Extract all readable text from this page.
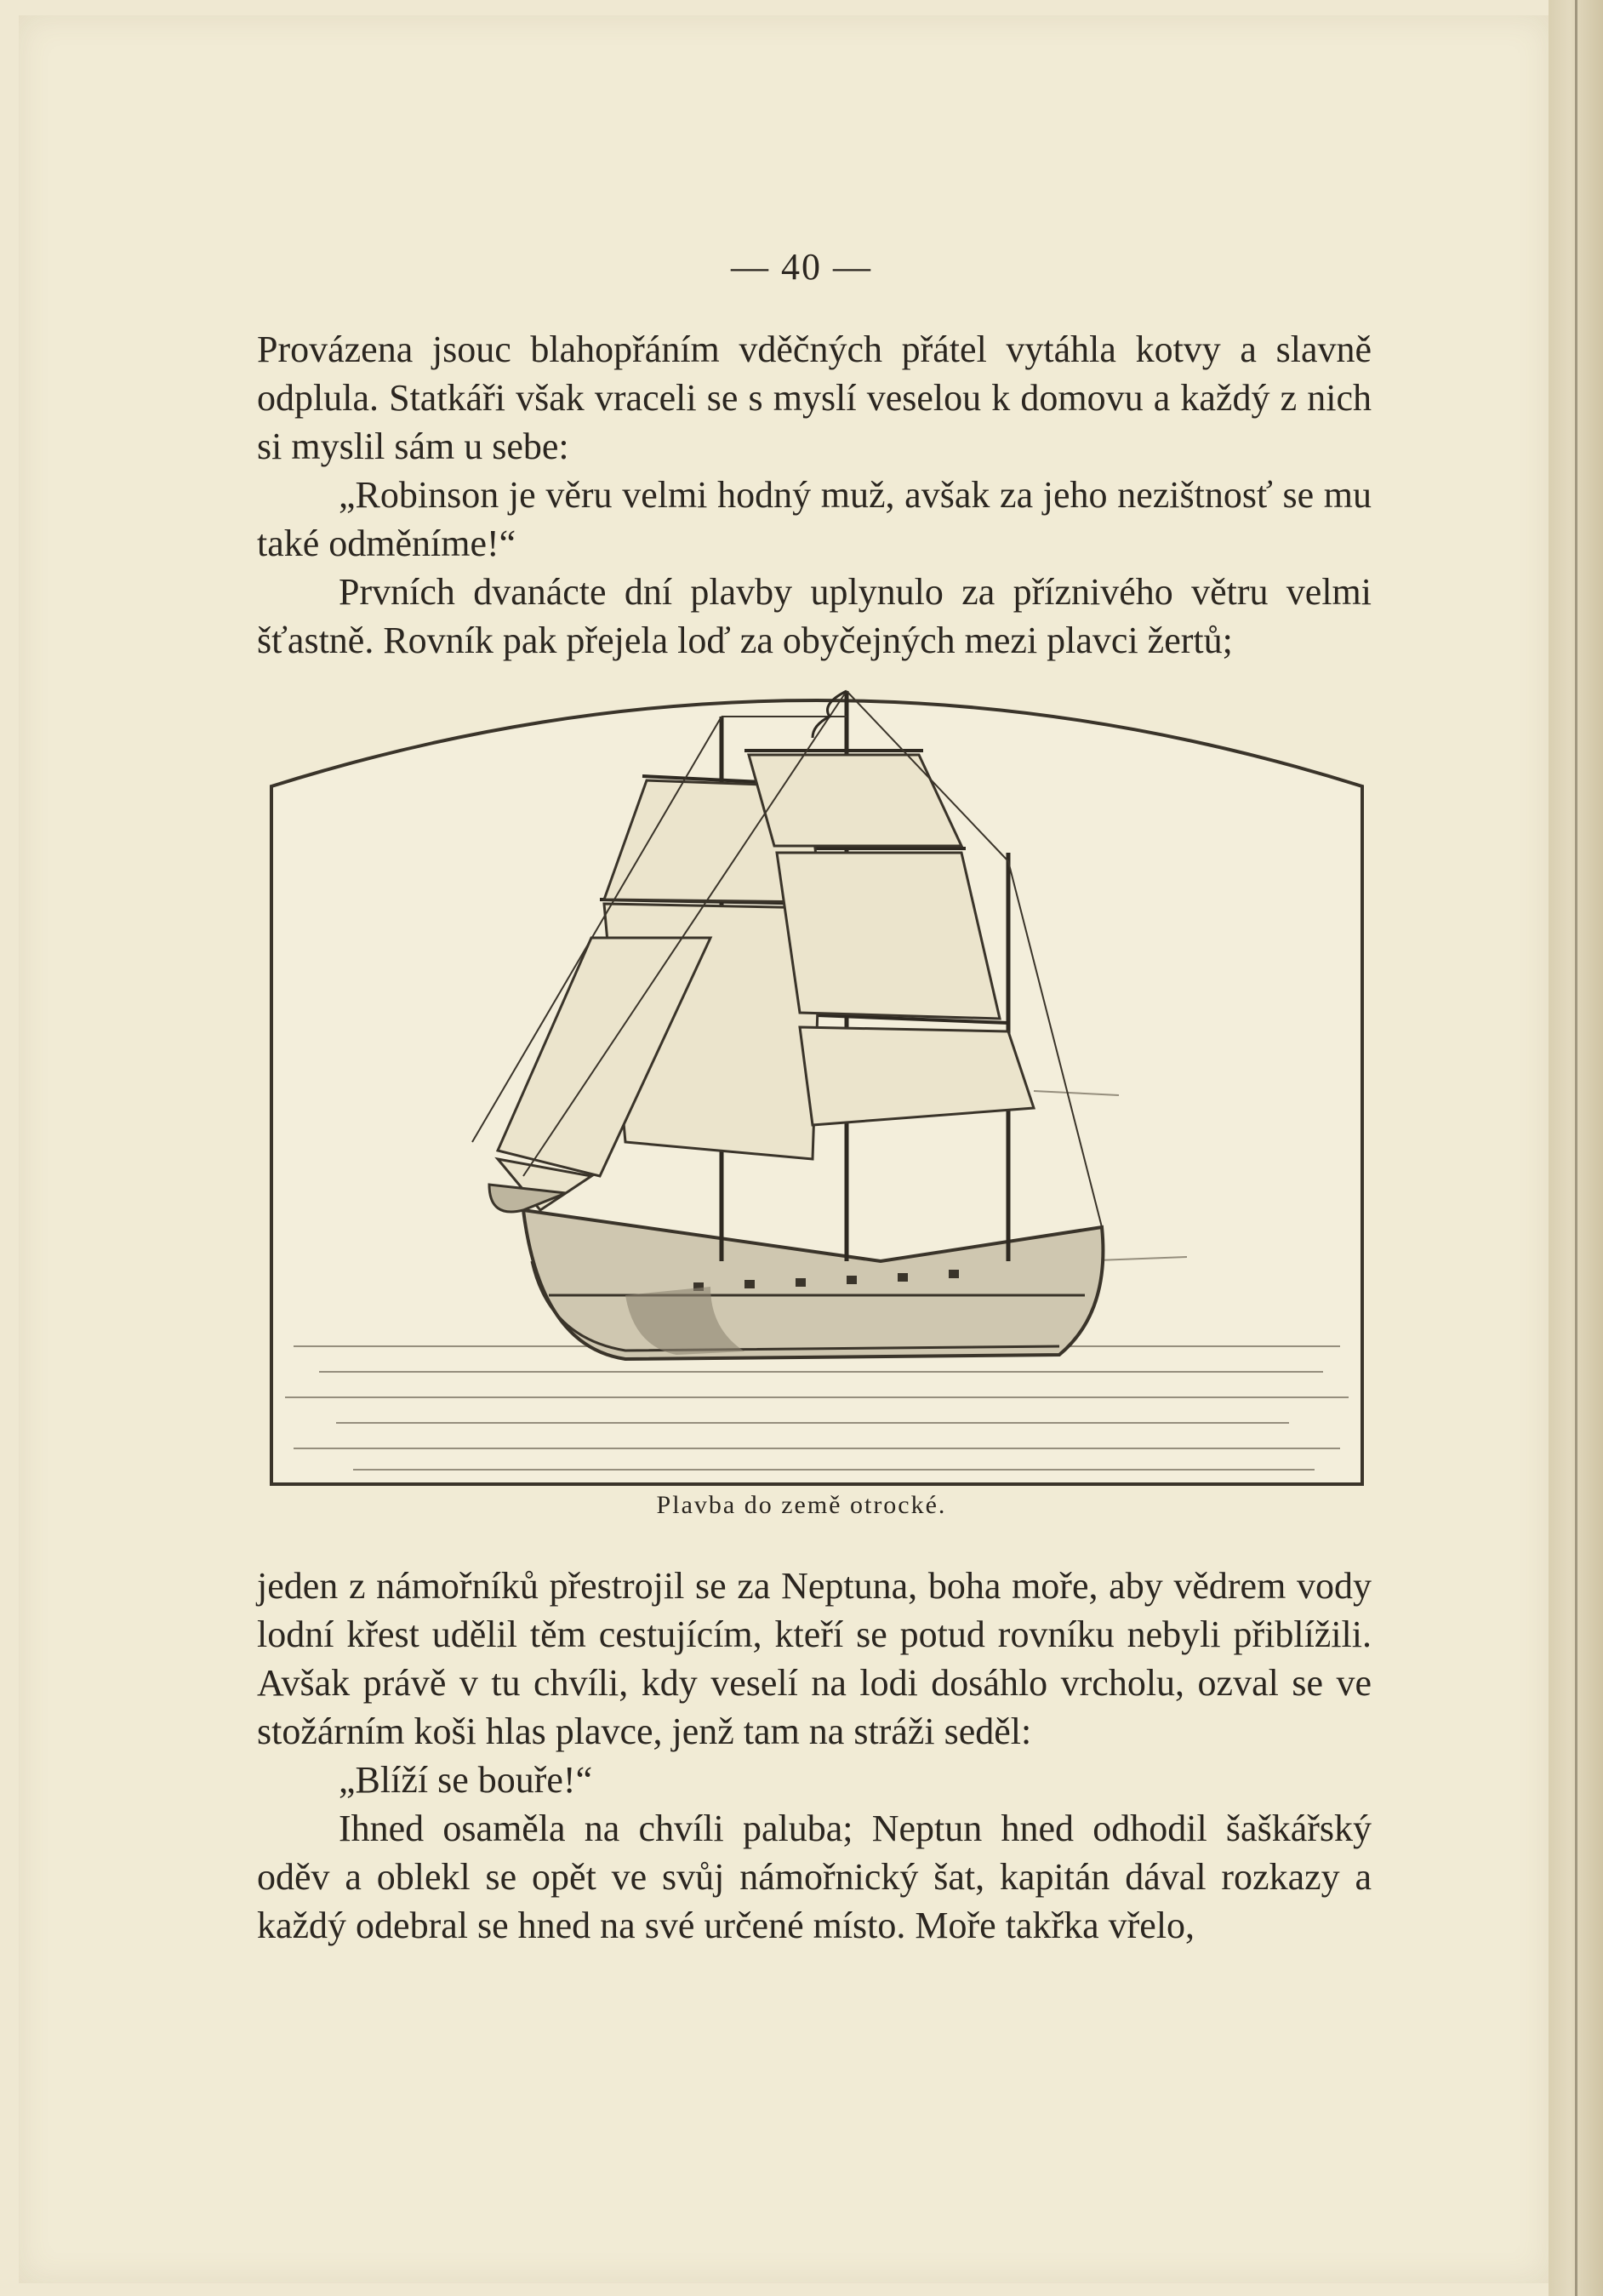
— 40 —

Provázena jsouc blahopřáním vděčných přátel vytáhla kotvy a slavně odplula. Statkáři však vraceli se s myslí veselou k domovu a každý z nich si myslil sám u sebe:

„Robinson je věru velmi hodný muž, avšak za jeho nezištnosť se mu také odměníme!“

Prvních dvanácte dní plavby uplynulo za příznivého větru velmi šťastně. Rovník pak přejela loď za obyčejných mezi plavci žertů;

Plavba do země otrocké.

jeden z námořníků přestrojil se za Neptuna, boha moře, aby vědrem vody lodní křest udělil těm cestujícím, kteří se potud rovníku nebyli přiblížili. Avšak právě v tu chvíli, kdy veselí na lodi dosáhlo vrcholu, ozval se ve stožárním koši hlas plavce, jenž tam na stráži seděl:

„Blíží se bouře!“

Ihned osaměla na chvíli paluba; Neptun hned odhodil šaškářský oděv a oblekl se opět ve svůj námořnický šat, kapitán dával rozkazy a každý odebral se hned na své určené místo. Moře takřka vřelo,
